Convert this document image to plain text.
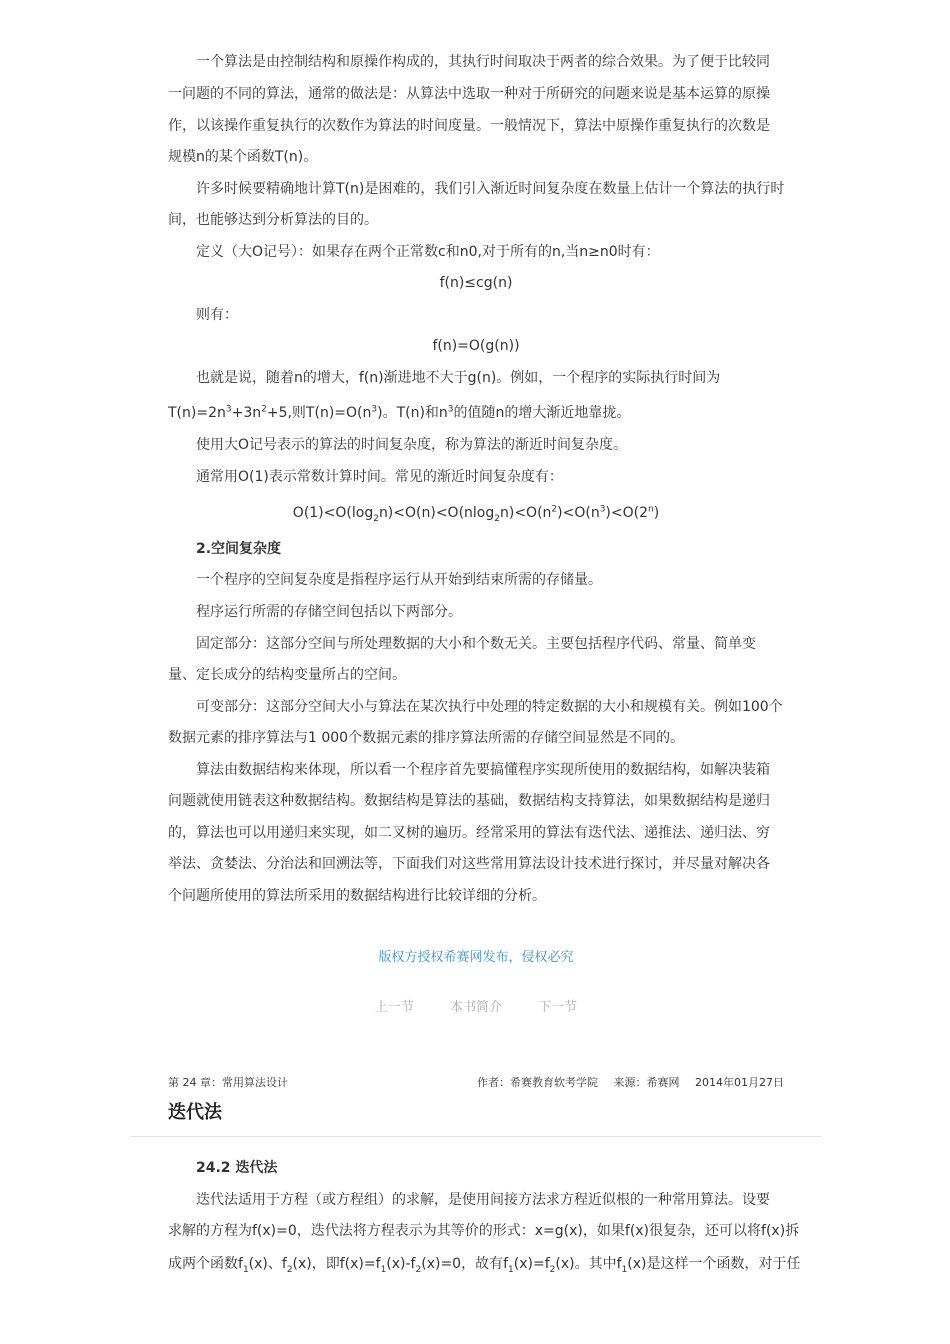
一个算法是由控制结构和原操作构成的，其执行时间取决于两者的综合效果。为了便于比较同
一问题的不同的算法，通常的做法是：从算法中选取一种对于所研究的问题来说是基本运算的原操
作，以该操作重复执行的次数作为算法的时间度量。一般情况下，算法中原操作重复执行的次数是
规模n的某个函数T(n)。
许多时候要精确地计算T(n)是困难的，我们引入渐近时间复杂度在数量上估计一个算法的执行时
间，也能够达到分析算法的目的。
定义（大O记号）：如果存在两个正常数c和n0,对于所有的n,当n≥n0时有：
f(n)≤cg(n)
则有：
f(n)=O(g(n))
也就是说，随着n的增大，f(n)渐进地不大于g(n)。例如，一个程序的实际执行时间为
$T(n)=2n^3+3n^2+5$,则$T(n)=O(n^3)$。T(n)和$n^3$的值随n的增大渐近地靠拢。
使用大O记号表示的算法的时间复杂度，称为算法的渐近时间复杂度。
通常用O(1)表示常数计算时间。常见的渐近时间复杂度有：
$O(1)<O(\log_2n)<O(n)<O(nlog_2n)<O(n^2)<O(n^3)<O(2^n)$
2.空间复杂度
一个程序的空间复杂度是指程序运行从开始到结束所需的存储量。
程序运行所需的存储空间包括以下两部分。
固定部分：这部分空间与所处理数据的大小和个数无关。主要包括程序代码、常量、简单变
量、定长成分的结构变量所占的空间。
可变部分：这部分空间大小与算法在某次执行中处理的特定数据的大小和规模有关。例如100个
数据元素的排序算法与1 000个数据元素的排序算法所需的存储空间显然是不同的。
算法由数据结构来体现，所以看一个程序首先要搞懂程序实现所使用的数据结构，如解决装箱
问题就使用链表这种数据结构。数据结构是算法的基础，数据结构支持算法，如果数据结构是递归
的，算法也可以用递归来实现，如二叉树的遍历。经常采用的算法有迭代法、递推法、递归法、穷
举法、贪婪法、分治法和回溯法等，下面我们对这些常用算法设计技术进行探讨，并尽量对解决各
个问题所使用的算法所采用的数据结构进行比较详细的分析。
版权方授权希赛网发布，侵权必究
上一节	本书简介	下一节
第 24 章：常用算法设计	作者：希赛教育软考学院 来源：希赛网 2014年01月27日
迭代法
24.2 迭代法
迭代法适用于方程（或方程组）的求解，是使用间接方法求方程近似根的一种常用算法。设要
求解的方程为f(x)=0，迭代法将方程表示为其等价的形式：x=g(x)，如果f(x)很复杂，还可以将f(x)拆
成两个函数$f_1(x)$、$f_2(x)$，即$f(x)=f_1(x)-f_2(x)=0$，故有$f_1(x)=f_2(x)$。其中$f_1(x)$是这样一个函数，对于任
